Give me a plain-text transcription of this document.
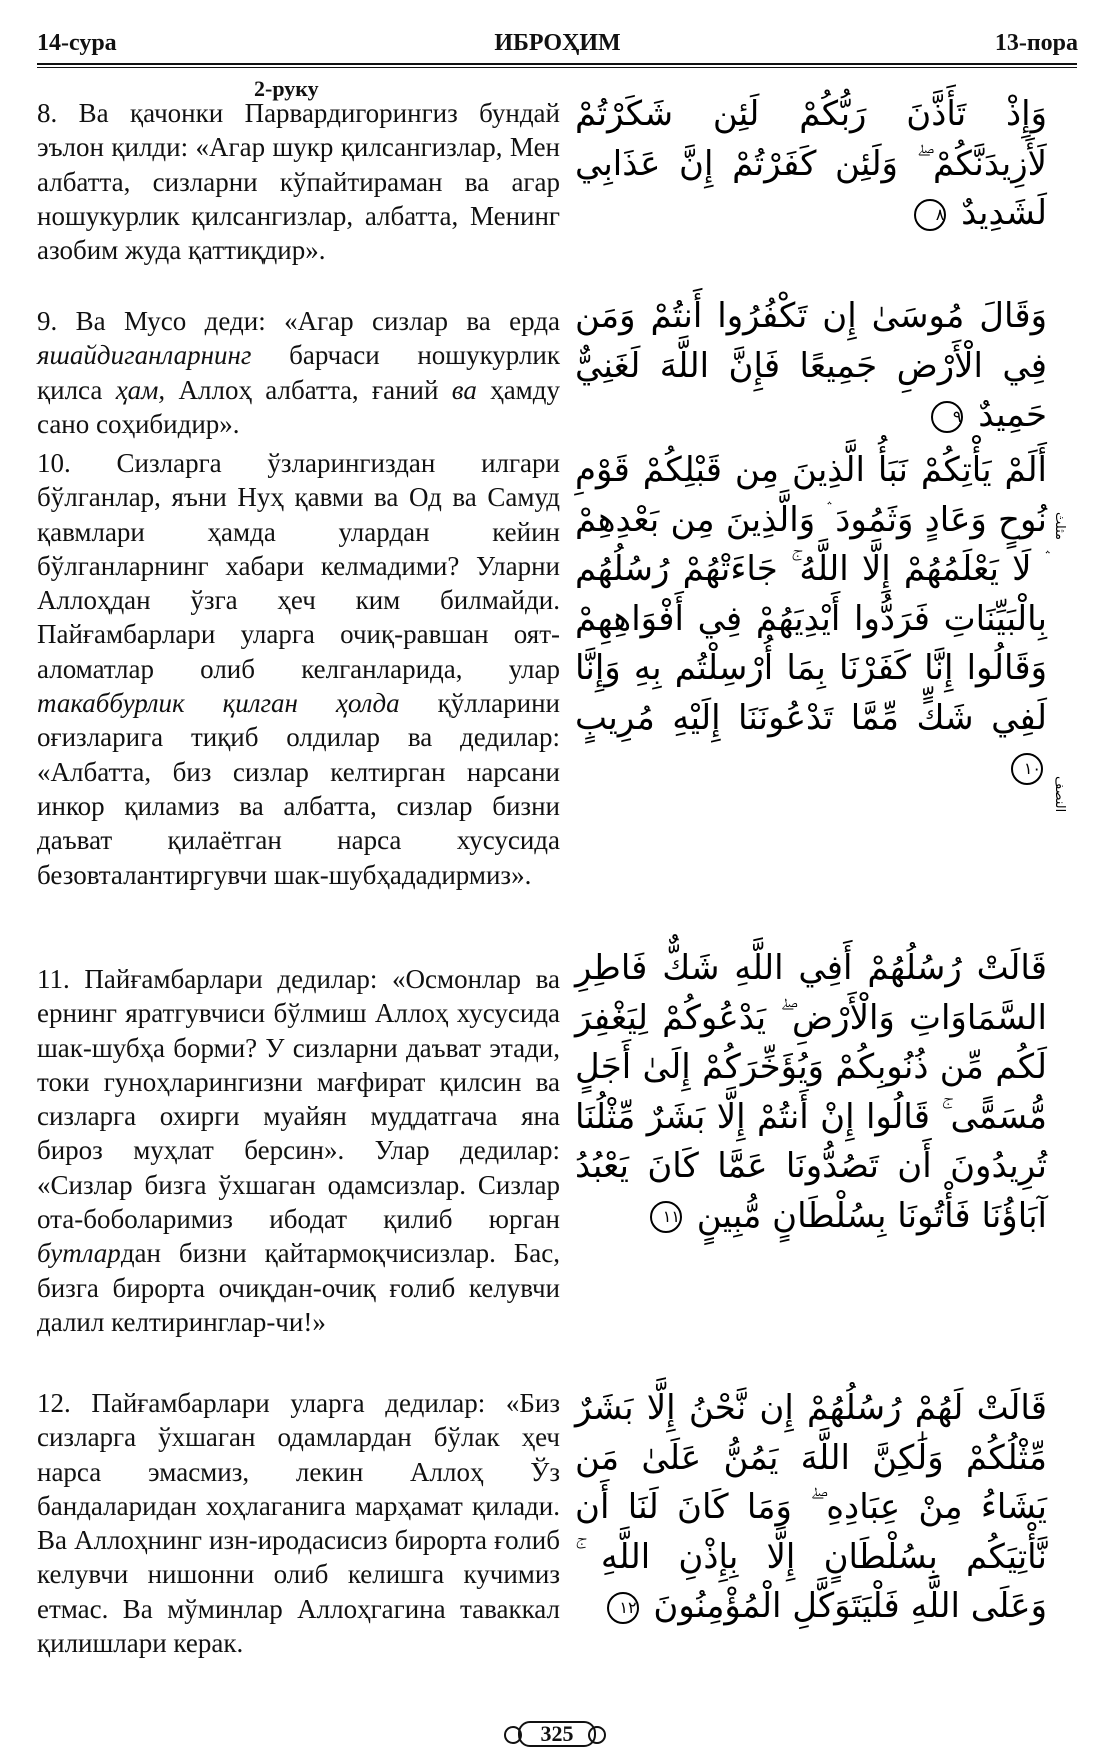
14-сура	ИБРОҲИМ	13-пора
2-руку
8. Ва қачонки Парвардигорингиз бундай эълон қилди: «Агар шукр қилсангизлар, Мен албатта, сизларни кўпайтираман ва агар ношукурлик қилсангизлар, албатта, Менинг азобим жуда қаттиқдир».
9. Ва Мусо деди: «Агар сизлар ва ерда яшайдиганларнинг барчаси ношукурлик қилса ҳам, Аллоҳ албатта, ғаний ва ҳамду сано соҳибидир».
10. Сизларга ўзларингиздан илгари бўлганлар, яъни Нуҳ қавми ва Од ва Самуд қавмлари ҳамда улардан кейин бўлганларнинг хабари келмадими? Уларни Аллоҳдан ўзга ҳеч ким билмайди. Пайғамбарлари уларга очиқ-равшан оят-аломатлар олиб келганларида, улар такаббурлик қилган ҳолда қўлларини оғизларига тиқиб олдилар ва дедилар: «Албатта, биз сизлар келтирган нарсани инкор қиламиз ва албатта, сизлар бизни даъват қилаётган нарса хусусида безовталантиргувчи шак-шубҳададирмиз».
11. Пайғамбарлари дедилар: «Осмонлар ва ернинг яратгувчиси бўлмиш Аллоҳ хусусида шак-шубҳа борми? У сизларни даъват этади, токи гуноҳларингизни мағфират қилсин ва сизларга охирги муайян муддатгача яна бироз муҳлат берсин». Улар дедилар: «Сизлар бизга ўхшаган одамсизлар. Сизлар ота-боболаримиз ибодат қилиб юрган бутлардан бизни қайтармоқчисизлар. Бас, бизга бирорта очиқдан-очиқ ғолиб келувчи далил келтиринглар-чи!»
12. Пайғамбарлари уларга дедилар: «Биз сизларга ўхшаган одамлардан бўлак ҳеч нарса эмасмиз, лекин Аллоҳ Ўз бандаларидан хоҳлаганига марҳамат қилади. Ва Аллоҳнинг изн-иродасисиз бирорта ғолиб келувчи нишонни олиб келишга кучимиз етмас. Ва мўминлар Аллоҳгагина таваккал қилишлари керак.
وَإِذْ تَأَذَّنَ رَبُّكُمْ لَئِن شَكَرْتُمْ لَأَزِيدَنَّكُمْ ۖ وَلَئِن كَفَرْتُمْ إِنَّ عَذَابِي لَشَدِيدٌ ٨
وَقَالَ مُوسَىٰ إِن تَكْفُرُوا أَنتُمْ وَمَن فِي الْأَرْضِ جَمِيعًا فَإِنَّ اللَّهَ لَغَنِيٌّ حَمِيدٌ ٩
أَلَمْ يَأْتِكُمْ نَبَأُ الَّذِينَ مِن قَبْلِكُمْ قَوْمِ نُوحٍ وَعَادٍ وَثَمُودَ ۛ وَالَّذِينَ مِن بَعْدِهِمْ ۛ لَا يَعْلَمُهُمْ إِلَّا اللَّهُ ۚ جَاءَتْهُمْ رُسُلُهُم بِالْبَيِّنَاتِ فَرَدُّوا أَيْدِيَهُمْ فِي أَفْوَاهِهِمْ وَقَالُوا إِنَّا كَفَرْنَا بِمَا أُرْسِلْتُم بِهِ وَإِنَّا لَفِي شَكٍّ مِّمَّا تَدْعُونَنَا إِلَيْهِ مُرِيبٍ ١٠
قَالَتْ رُسُلُهُمْ أَفِي اللَّهِ شَكٌّ فَاطِرِ السَّمَاوَاتِ وَالْأَرْضِ ۖ يَدْعُوكُمْ لِيَغْفِرَ لَكُم مِّن ذُنُوبِكُمْ وَيُؤَخِّرَكُمْ إِلَىٰ أَجَلٍ مُّسَمًّى ۚ قَالُوا إِنْ أَنتُمْ إِلَّا بَشَرٌ مِّثْلُنَا تُرِيدُونَ أَن تَصُدُّونَا عَمَّا كَانَ يَعْبُدُ آبَاؤُنَا فَأْتُونَا بِسُلْطَانٍ مُّبِينٍ ١١
قَالَتْ لَهُمْ رُسُلُهُمْ إِن نَّحْنُ إِلَّا بَشَرٌ مِّثْلُكُمْ وَلَٰكِنَّ اللَّهَ يَمُنُّ عَلَىٰ مَن يَشَاءُ مِنْ عِبَادِهِ ۖ وَمَا كَانَ لَنَا أَن نَّأْتِيَكُم بِسُلْطَانٍ إِلَّا بِإِذْنِ اللَّهِ ۚ وَعَلَى اللَّهِ فَلْيَتَوَكَّلِ الْمُؤْمِنُونَ ١٢
مثلث
النصف
325
